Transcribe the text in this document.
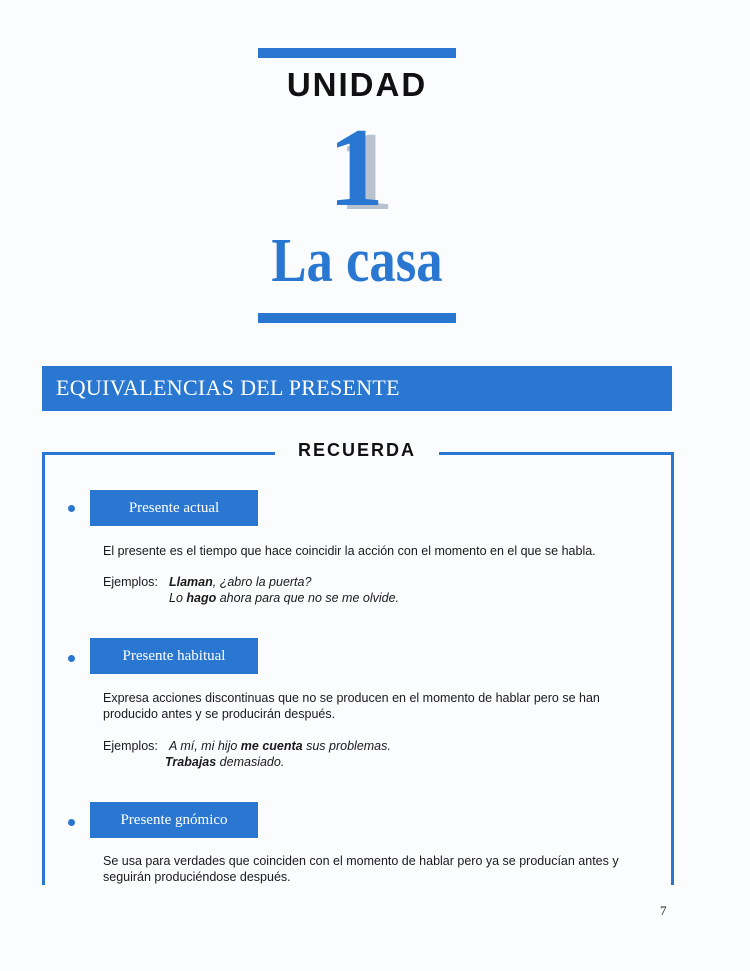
UNIDAD
1
La casa
EQUIVALENCIAS DEL PRESENTE
RECUERDA
Presente actual
El presente es el tiempo que hace coincidir la acción con el momento en el que se habla.
Ejemplos: Llaman, ¿abro la puerta?
Lo hago ahora para que no se me olvide.
Presente habitual
Expresa acciones discontinuas que no se producen en el momento de hablar pero se han producido antes y se producirán después.
Ejemplos: A mí, mi hijo me cuenta sus problemas.
Trabajas demasiado.
Presente gnómico
Se usa para verdades que coinciden con el momento de hablar pero ya se producían antes y seguirán produciéndose después.
7
